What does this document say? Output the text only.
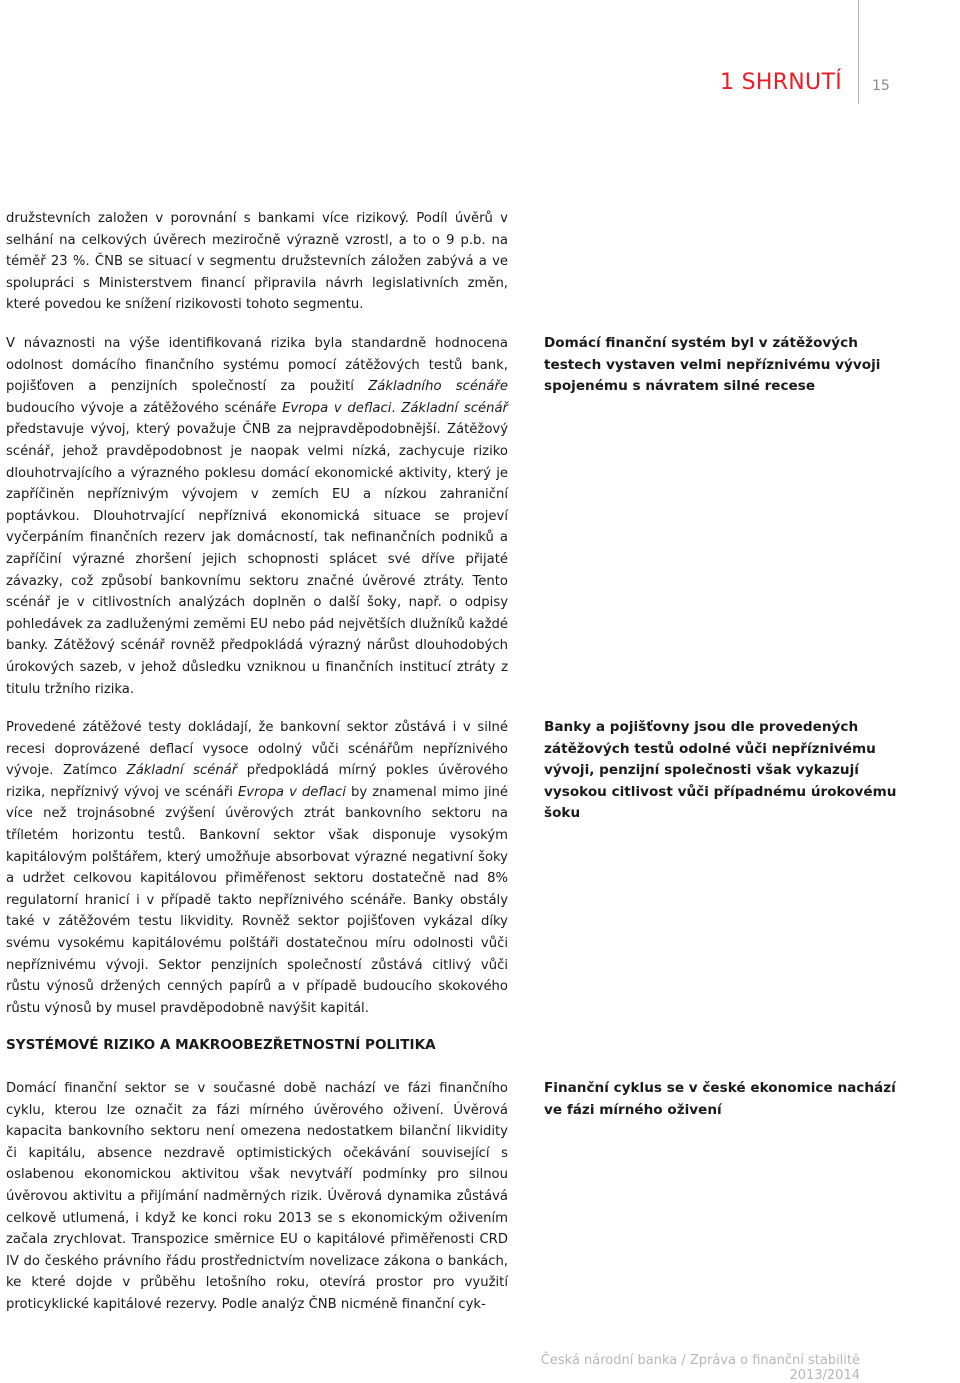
1 SHRNUTÍ 15

družstevních založen v porovnání s bankami více rizikový. Podíl úvěrů v selhání na celkových úvěrech meziročně výrazně vzrostl, a to o 9 p.b. na téměř 23 %. ČNB se situací v segmentu družstevních záložen zabývá a ve spolupráci s Ministerstvem financí připravila návrh legislativních změn, které povedou ke snížení rizikovosti tohoto segmentu.

V návaznosti na výše identifikovaná rizika byla standardně hodnocena odolnost domácího finančního systému pomocí zátěžových testů bank, pojišťoven a penzijních společností za použití Základního scénáře budoucího vývoje a zátěžového scénáře Evropa v deflaci. Základní scénář představuje vývoj, který považuje ČNB za nejpravděpodobnější. Zátěžový scénář, jehož pravděpodobnost je naopak velmi nízká, zachycuje riziko dlouhotrvajícího a výrazného poklesu domácí ekonomické aktivity, který je zapříčiněn nepříznivým vývojem v zemích EU a nízkou zahraniční poptávkou. Dlouhotrvající nepříznivá ekonomická situace se projeví vyčerpáním finančních rezerv jak domácností, tak nefinančních podniků a zapříčiní výrazné zhoršení jejich schopnosti splácet své dříve přijaté závazky, což způsobí bankovnímu sektoru značné úvěrové ztráty. Tento scénář je v citlivostních analýzách doplněn o další šoky, např. o odpisy pohledávek za zadluženými zeměmi EU nebo pád největších dlužníků každé banky. Zátěžový scénář rovněž předpokládá výrazný nárůst dlouhodobých úrokových sazeb, v jehož důsledku vzniknou u finančních institucí ztráty z titulu tržního rizika.

Provedené zátěžové testy dokládají, že bankovní sektor zůstává i v silné recesi doprovázené deflací vysoce odolný vůči scénářům nepříznivého vývoje. Zatímco Základní scénář předpokládá mírný pokles úvěrového rizika, nepříznivý vývoj ve scénáři Evropa v deflaci by znamenal mimo jiné více než trojnásobné zvýšení úvěrových ztrát bankovního sektoru na tříletém horizontu testů. Bankovní sektor však disponuje vysokým kapitálovým polštářem, který umožňuje absorbovat výrazné negativní šoky a udržet celkovou kapitálovou přiměřenost sektoru dostatečně nad 8% regulatorní hranicí i v případě takto nepříznivého scénáře. Banky obstály také v zátěžovém testu likvidity. Rovněž sektor pojišťoven vykázal díky svému vysokému kapitálovému polštáři dostatečnou míru odolnosti vůči nepříznivému vývoji. Sektor penzijních společností zůstává citlivý vůči růstu výnosů držených cenných papírů a v případě budoucího skokového růstu výnosů by musel pravděpodobně navýšit kapitál.

SYSTÉMOVÉ RIZIKO A MAKROOBEZŘETNOSTNÍ POLITIKA

Domácí finanční sektor se v současné době nachází ve fázi finančního cyklu, kterou lze označit za fázi mírného úvěrového oživení. Úvěrová kapacita bankovního sektoru není omezena nedostatkem bilanční likvidity či kapitálu, absence nezdravě optimistických očekávání související s oslabenou ekonomickou aktivitou však nevytváří podmínky pro silnou úvěrovou aktivitu a přijímání nadměrných rizik. Úvěrová dynamika zůstává celkově utlumená, i když ke konci roku 2013 se s ekonomickým oživením začala zrychlovat. Transpozice směrnice EU o kapitálové přiměřenosti CRD IV do českého právního řádu prostřednictvím novelizace zákona o bankách, ke které dojde v průběhu letošního roku, otevírá prostor pro využití proticyklické kapitálové rezervy. Podle analýz ČNB nicméně finanční cyk-

Domácí finanční systém byl v zátěžových testech vystaven velmi nepříznivému vývoji spojenému s návratem silné recese

Banky a pojišťovny jsou dle provedených zátěžových testů odolné vůči nepříznivému vývoji, penzijní společnosti však vykazují vysokou citlivost vůči případnému úrokovému šoku

Finanční cyklus se v české ekonomice nachází ve fázi mírného oživení

Česká národní banka / Zpráva o finanční stabilitě 2013/2014
